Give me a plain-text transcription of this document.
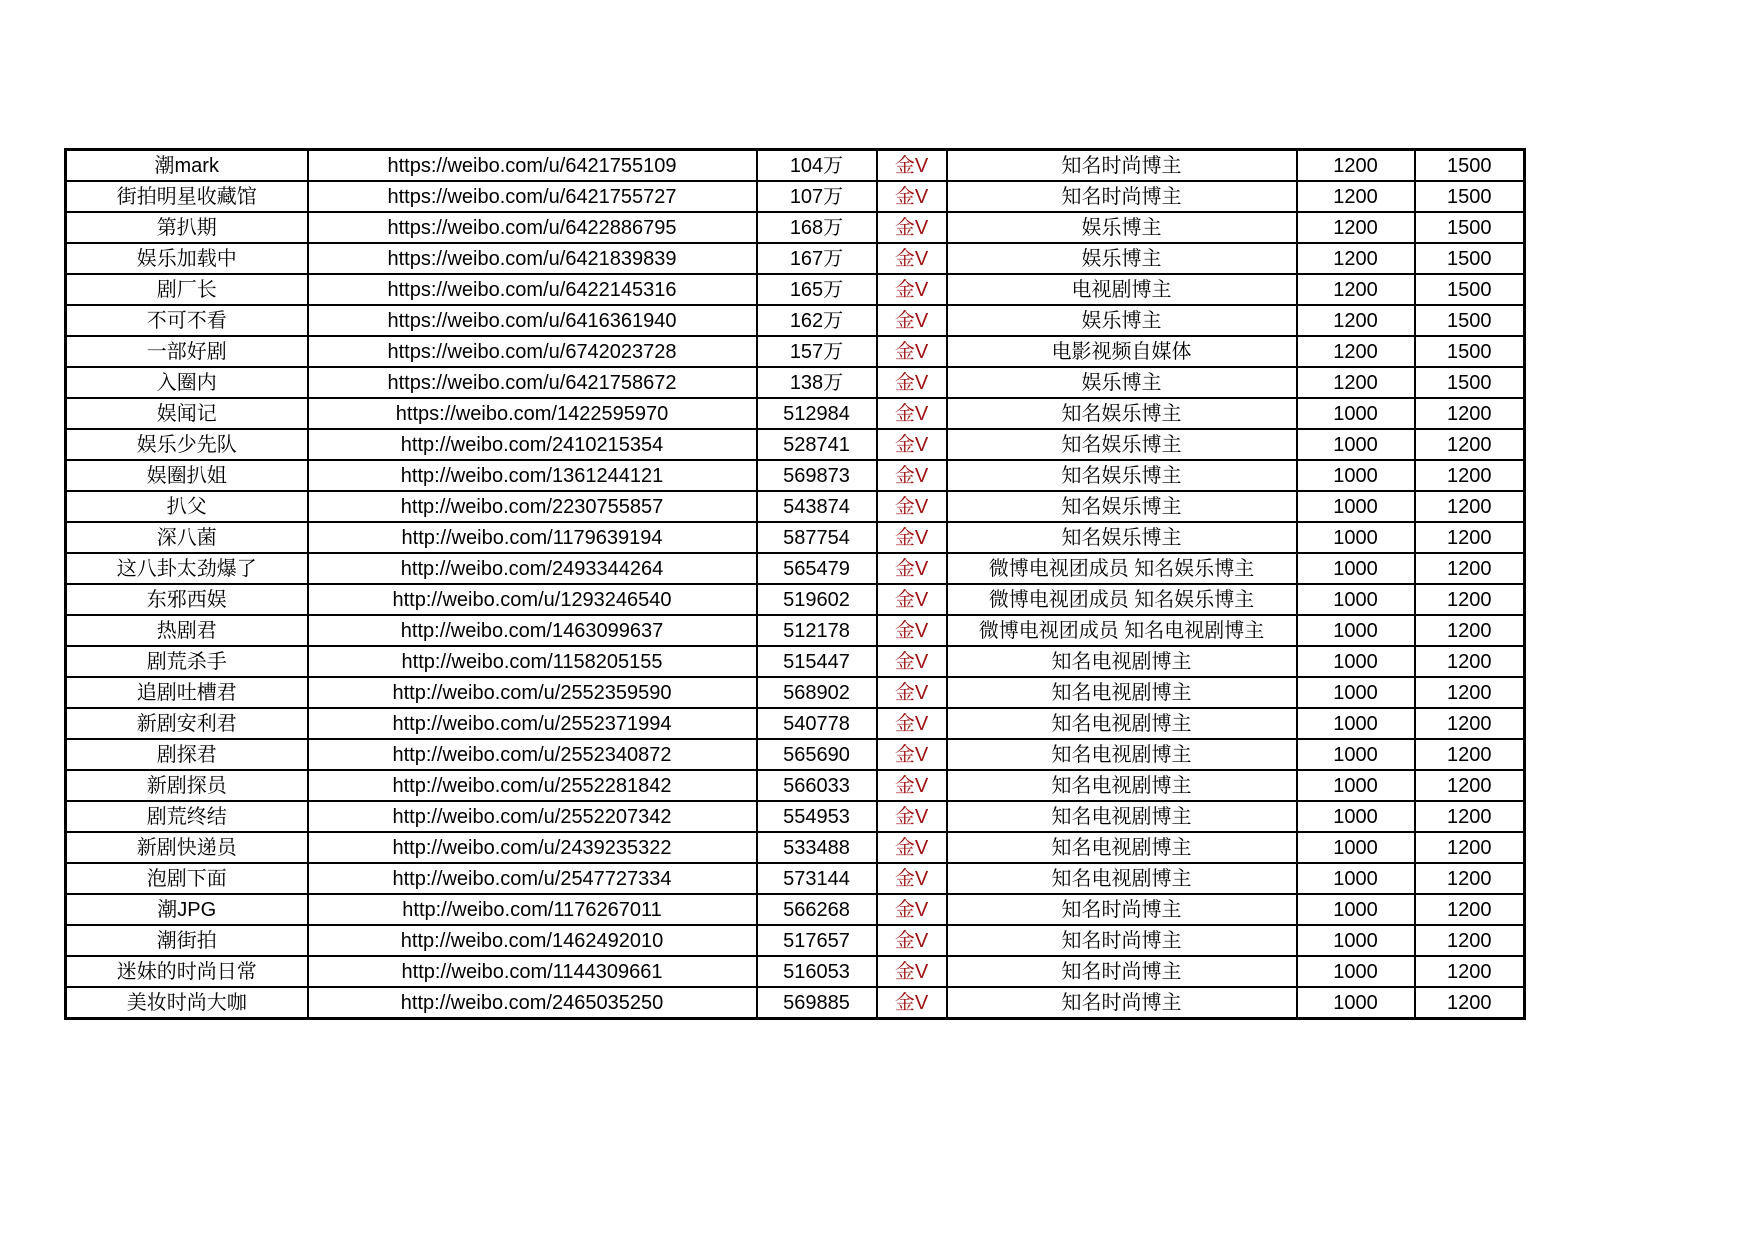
潮mark	https://weibo.com/u/6421755109	104万	金V	知名时尚博主	1200	1500
街拍明星收藏馆	https://weibo.com/u/6421755727	107万	金V	知名时尚博主	1200	1500
第扒期	https://weibo.com/u/6422886795	168万	金V	娱乐博主	1200	1500
娱乐加载中	https://weibo.com/u/6421839839	167万	金V	娱乐博主	1200	1500
剧厂长	https://weibo.com/u/6422145316	165万	金V	电视剧博主	1200	1500
不可不看	https://weibo.com/u/6416361940	162万	金V	娱乐博主	1200	1500
一部好剧	https://weibo.com/u/6742023728	157万	金V	电影视频自媒体	1200	1500
入圈内	https://weibo.com/u/6421758672	138万	金V	娱乐博主	1200	1500
娱闻记	https://weibo.com/1422595970	512984	金V	知名娱乐博主	1000	1200
娱乐少先队	http://weibo.com/2410215354	528741	金V	知名娱乐博主	1000	1200
娱圈扒姐	http://weibo.com/1361244121	569873	金V	知名娱乐博主	1000	1200
扒父	http://weibo.com/2230755857	543874	金V	知名娱乐博主	1000	1200
深八菌	http://weibo.com/1179639194	587754	金V	知名娱乐博主	1000	1200
这八卦太劲爆了	http://weibo.com/2493344264	565479	金V	微博电视团成员 知名娱乐博主	1000	1200
东邪西娱	http://weibo.com/u/1293246540	519602	金V	微博电视团成员 知名娱乐博主	1000	1200
热剧君	http://weibo.com/1463099637	512178	金V	微博电视团成员 知名电视剧博主	1000	1200
剧荒杀手	http://weibo.com/1158205155	515447	金V	知名电视剧博主	1000	1200
追剧吐槽君	http://weibo.com/u/2552359590	568902	金V	知名电视剧博主	1000	1200
新剧安利君	http://weibo.com/u/2552371994	540778	金V	知名电视剧博主	1000	1200
剧探君	http://weibo.com/u/2552340872	565690	金V	知名电视剧博主	1000	1200
新剧探员	http://weibo.com/u/2552281842	566033	金V	知名电视剧博主	1000	1200
剧荒终结	http://weibo.com/u/2552207342	554953	金V	知名电视剧博主	1000	1200
新剧快递员	http://weibo.com/u/2439235322	533488	金V	知名电视剧博主	1000	1200
泡剧下面	http://weibo.com/u/2547727334	573144	金V	知名电视剧博主	1000	1200
潮JPG	http://weibo.com/1176267011	566268	金V	知名时尚博主	1000	1200
潮街拍	http://weibo.com/1462492010	517657	金V	知名时尚博主	1000	1200
迷妹的时尚日常	http://weibo.com/1144309661	516053	金V	知名时尚博主	1000	1200
美妆时尚大咖	http://weibo.com/2465035250	569885	金V	知名时尚博主	1000	1200
